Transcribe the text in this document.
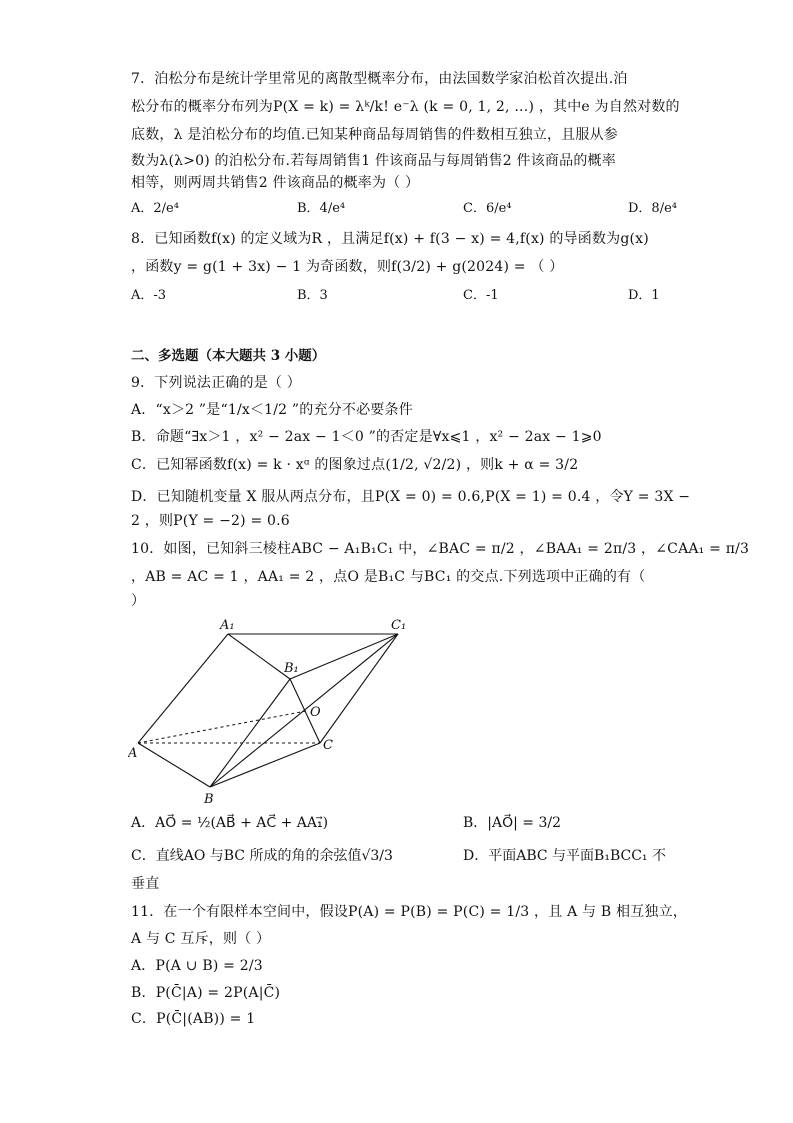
7．泊松分布是统计学里常见的离散型概率分布，由法国数学家泊松首次提出.泊
松分布的概率分布列为P(X = k) = λᵏ/k! e⁻λ (k = 0, 1, 2, …) ，其中e 为自然对数的
底数，λ 是泊松分布的均值.已知某种商品每周销售的件数相互独立，且服从参
数为λ(λ>0) 的泊松分布.若每周销售1 件该商品与每周销售2 件该商品的概率
相等，则两周共销售2 件该商品的概率为（ ）
A．2/e⁴	B．4/e⁴	C．6/e⁴	D．8/e⁴
8．已知函数f(x) 的定义域为R ，且满足f(x) + f(3 − x) = 4,f(x) 的导函数为g(x)
，函数y = g(1 + 3x) − 1 为奇函数，则f(3/2) + g(2024) = （ ）
A．-3	B．3	C．-1	D．1
二、多选题（本大题共 3 小题）
9．下列说法正确的是（ ）
A．“x＞2 ”是“1/x＜1/2 ”的充分不必要条件
B．命题“∃x＞1 ，x² − 2ax − 1＜0 ”的否定是∀x⩽1 ，x² − 2ax − 1⩾0
C．已知幂函数f(x) = k · xᵅ 的图象过点(1/2, √2/2) ，则k + α = 3/2
D．已知随机变量 X 服从两点分布，且P(X = 0) = 0.6,P(X = 1) = 0.4 ，令Y = 3X −
2 ，则P(Y = −2) = 0.6
10．如图，已知斜三棱柱ABC − A₁B₁C₁ 中，∠BAC = π/2 ，∠BAA₁ = 2π/3 ，∠CAA₁ = π/3
，AB = AC = 1 ，AA₁ = 2 ，点O 是B₁C 与BC₁ 的交点.下列选项中正确的有（
）
A₁	C₁
B₁
O
A
C
B
A．AO⃗ = ½(AB⃗ + AC⃗ + AA₁⃗)	B．|AO⃗| = 3/2
C．直线AO 与BC 所成的角的余弦值√3/3	D．平面ABC 与平面B₁BCC₁ 不
垂直
11．在一个有限样本空间中，假设P(A) = P(B) = P(C) = 1/3 ，且 A 与 B 相互独立，
A 与 C 互斥，则（ ）
A．P(A ∪ B) = 2/3
B．P(C̄|A) = 2P(A|C̄)
C．P(C̄|(AB)) = 1
